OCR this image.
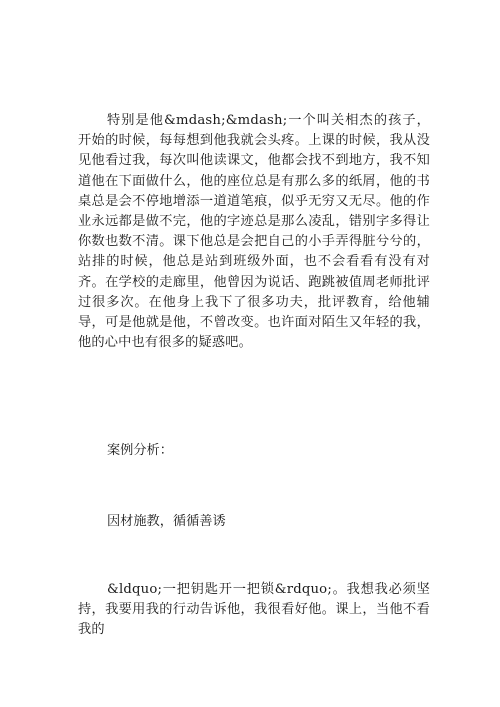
特别是他&mdash;&mdash;一个叫关相杰的孩子，开始的时候，每每想到他我就会头疼。上课的时候，我从没见他看过我，每次叫他读课文，他都会找不到地方，我不知道他在下面做什么，他的座位总是有那么多的纸屑，他的书桌总是会不停地增添一道道笔痕，似乎无穷又无尽。他的作业永远都是做不完，他的字迹总是那么凌乱，错别字多得让你数也数不清。课下他总是会把自己的小手弄得脏兮兮的，站排的时候，他总是站到班级外面，也不会看看有没有对齐。在学校的走廊里，他曾因为说话、跑跳被值周老师批评过很多次。在他身上我下了很多功夫，批评教育，给他辅导，可是他就是他，不曾改变。也许面对陌生又年轻的我，他的心中也有很多的疑惑吧。

案例分析：

因材施教，循循善诱

&ldquo;一把钥匙开一把锁&rdquo;。我想我必须坚持，我要用我的行动告诉他，我很看好他。课上，当他不看我的
